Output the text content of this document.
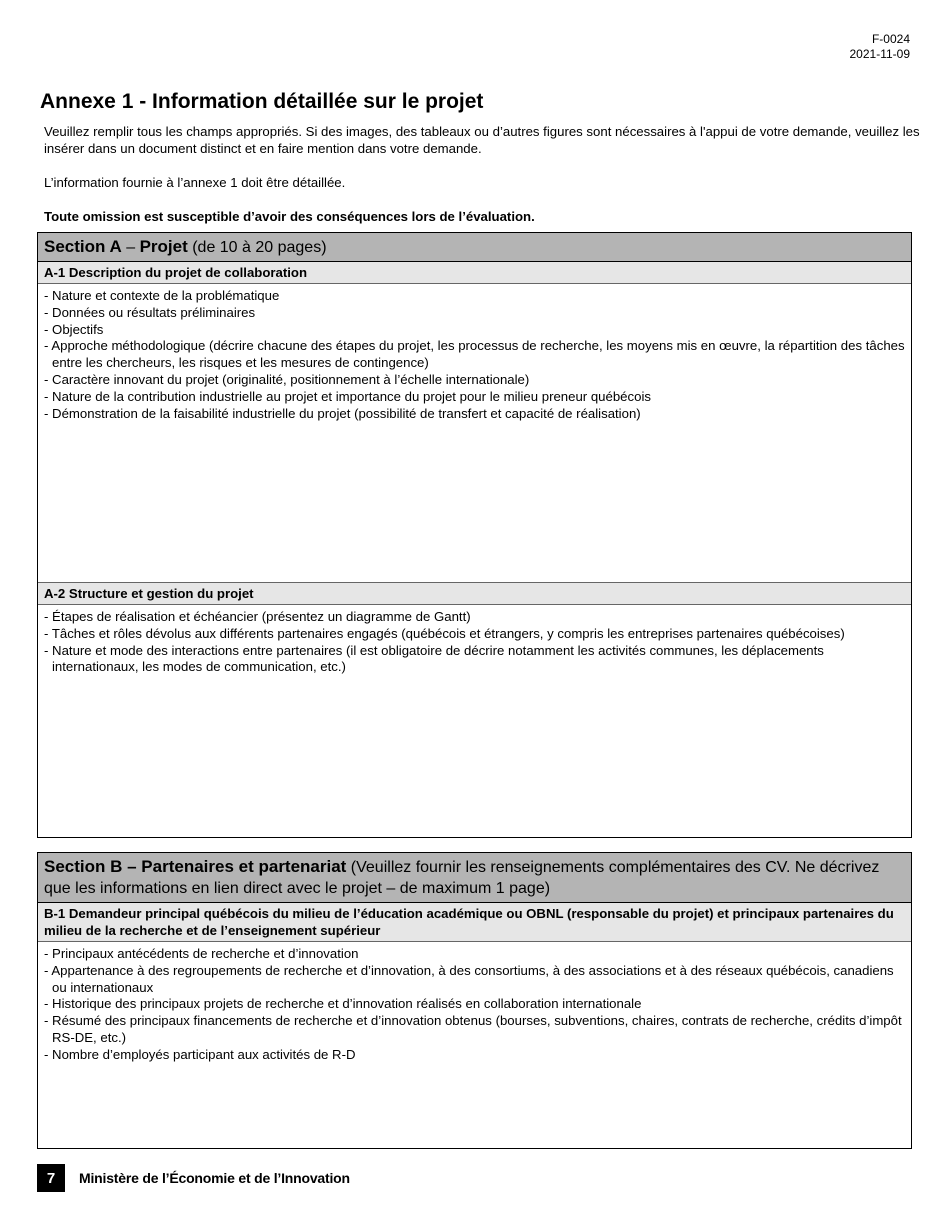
F-0024
2021-11-09
Annexe 1 - Information détaillée sur le projet

Veuillez remplir tous les champs appropriés. Si des images, des tableaux ou d’autres figures sont nécessaires à l'appui de votre demande, veuillez les insérer dans un document distinct et en faire mention dans votre demande.

L’information fournie à l’annexe 1 doit être détaillée.

Toute omission est susceptible d’avoir des conséquences lors de l’évaluation.

Section A – Projet (de 10 à 20 pages)
A-1 Description du projet de collaboration
- Nature et contexte de la problématique
- Données ou résultats préliminaires
- Objectifs
- Approche méthodologique (décrire chacune des étapes du projet, les processus de recherche, les moyens mis en œuvre, la répartition des tâches entre les chercheurs, les risques et les mesures de contingence)
- Caractère innovant du projet (originalité, positionnement à l’échelle internationale)
- Nature de la contribution industrielle au projet et importance du projet pour le milieu preneur québécois
- Démonstration de la faisabilité industrielle du projet (possibilité de transfert et capacité de réalisation)
A-2 Structure et gestion du projet
- Étapes de réalisation et échéancier (présentez un diagramme de Gantt)
- Tâches et rôles dévolus aux différents partenaires engagés (québécois et étrangers, y compris les entreprises partenaires québécoises)
- Nature et mode des interactions entre partenaires (il est obligatoire de décrire notamment les activités communes, les déplacements internationaux, les modes de communication, etc.)
Section B – Partenaires et partenariat (Veuillez fournir les renseignements complémentaires des CV. Ne décrivez que les informations en lien direct avec le projet – de maximum 1 page)
B-1 Demandeur principal québécois du milieu de l’éducation académique ou OBNL (responsable du projet) et principaux partenaires du milieu de la recherche et de l’enseignement supérieur
- Principaux antécédents de recherche et d’innovation
- Appartenance à des regroupements de recherche et d’innovation, à des consortiums, à des associations et à des réseaux québécois, canadiens ou internationaux
- Historique des principaux projets de recherche et d’innovation réalisés en collaboration internationale
- Résumé des principaux financements de recherche et d’innovation obtenus (bourses, subventions, chaires, contrats de recherche, crédits d’impôt RS-DE, etc.)
- Nombre d’employés participant aux activités de R-D
7	Ministère de l’Économie et de l’Innovation
